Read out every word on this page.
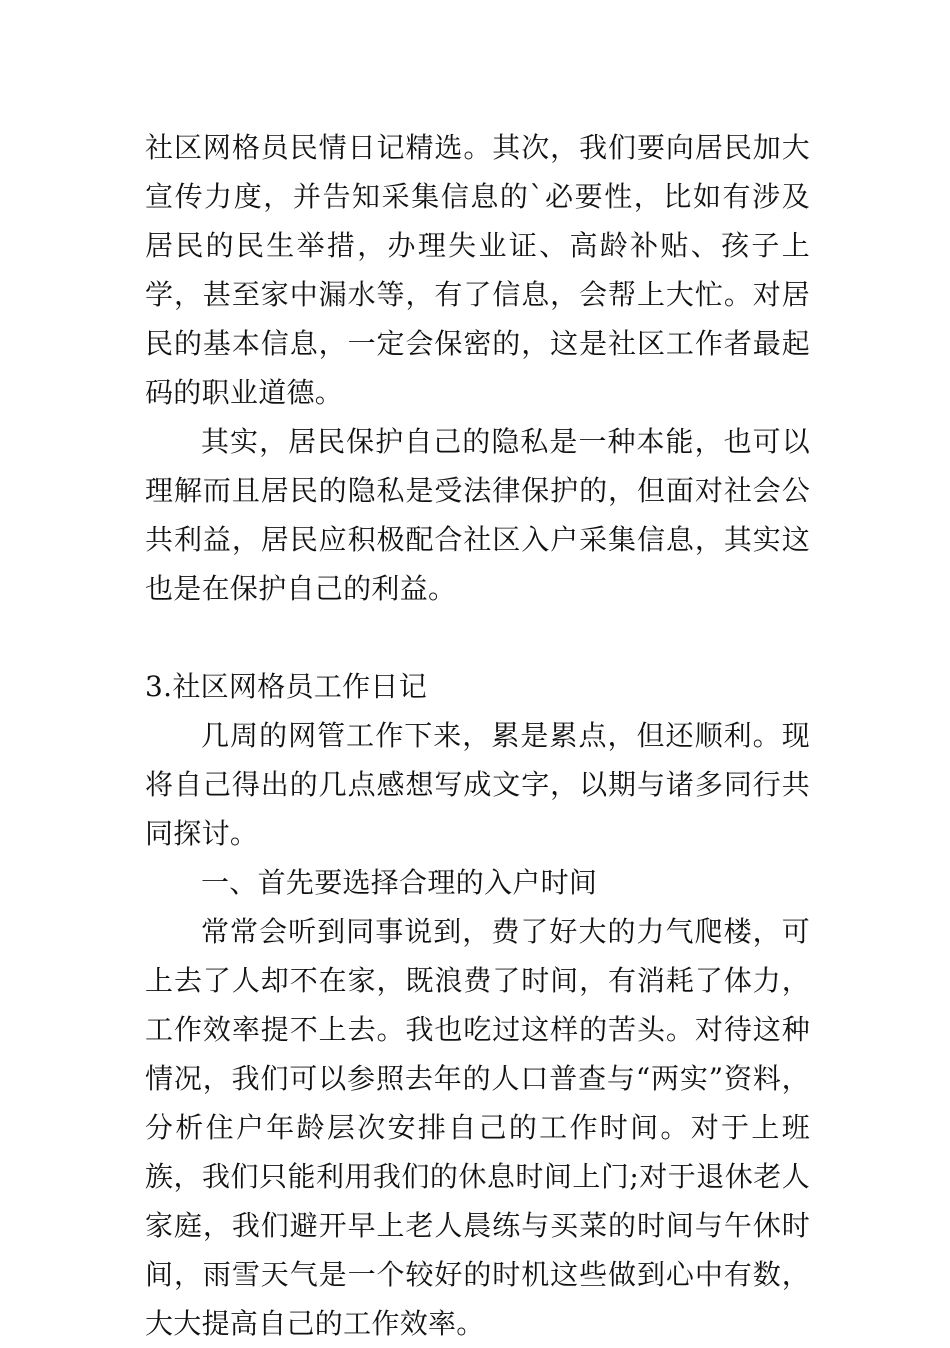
社区网格员民情日记精选。其次，我们要向居民加大宣传力度，并告知采集信息的`必要性，比如有涉及居民的民生举措，办理失业证、高龄补贴、孩子上学，甚至家中漏水等，有了信息，会帮上大忙。对居民的基本信息，一定会保密的，这是社区工作者最起码的职业道德。

其实，居民保护自己的隐私是一种本能，也可以理解而且居民的隐私是受法律保护的，但面对社会公共利益，居民应积极配合社区入户采集信息，其实这也是在保护自己的利益。

3.社区网格员工作日记

几周的网管工作下来，累是累点，但还顺利。现将自己得出的几点感想写成文字，以期与诸多同行共同探讨。

一、首先要选择合理的入户时间

常常会听到同事说到，费了好大的力气爬楼，可上去了人却不在家，既浪费了时间，有消耗了体力，工作效率提不上去。我也吃过这样的苦头。对待这种情况，我们可以参照去年的人口普查与“两实”资料，分析住户年龄层次安排自己的工作时间。对于上班族，我们只能利用我们的休息时间上门;对于退休老人家庭，我们避开早上老人晨练与买菜的时间与午休时间，雨雪天气是一个较好的时机这些做到心中有数，大大提高自己的工作效率。
